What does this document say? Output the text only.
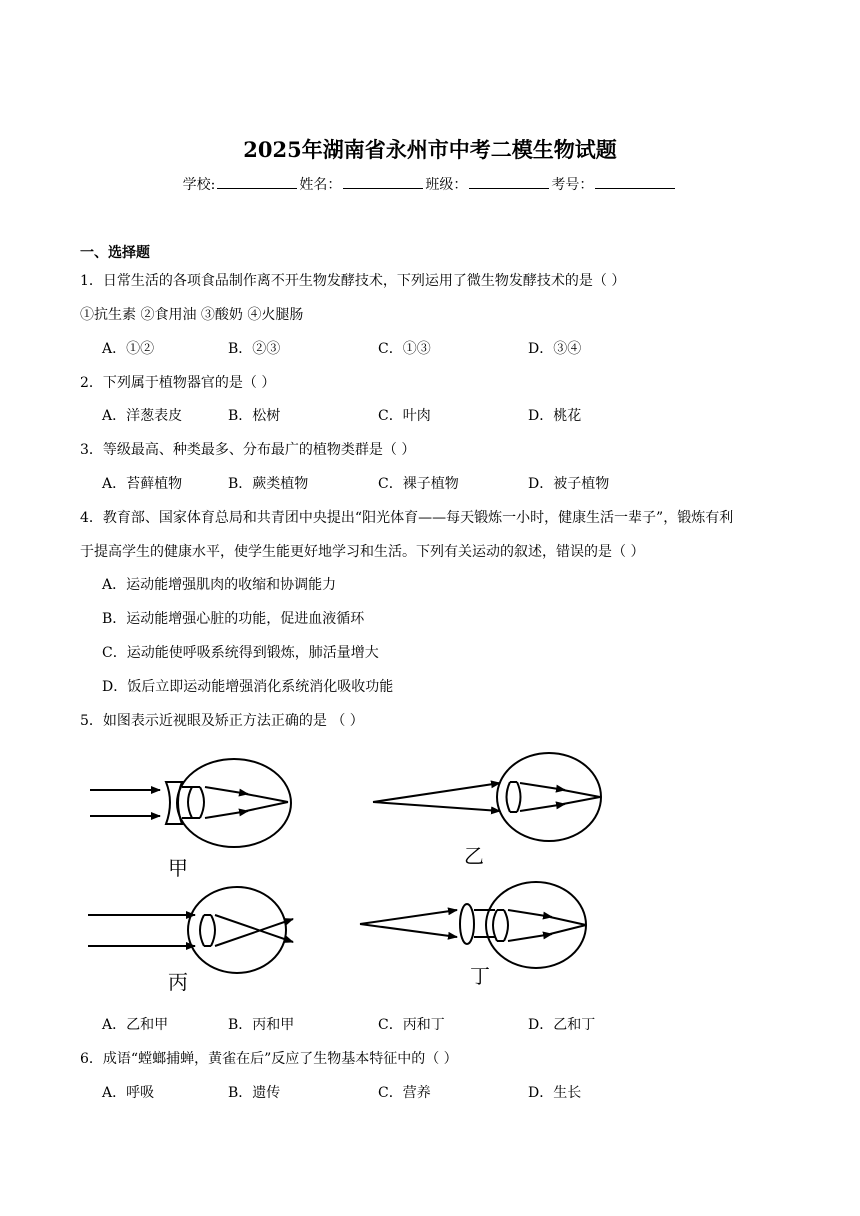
2025年湖南省永州市中考二模生物试题
学校:	姓名：	班级：	考号：
一、选择题
1．日常生活的各项食品制作离不开生物发酵技术，下列运用了微生物发酵技术的是（ ）
①抗生素 ②食用油 ③酸奶 ④火腿肠
A．①②	B．②③	C．①③	D．③④
2．下列属于植物器官的是（ ）
A．洋葱表皮	B．松树	C．叶肉	D．桃花
3．等级最高、种类最多、分布最广的植物类群是（ ）
A．苔藓植物	B．蕨类植物	C．裸子植物	D．被子植物
4．教育部、国家体育总局和共青团中央提出“阳光体育——每天锻炼一小时，健康生活一辈子”，锻炼有利
于提高学生的健康水平，使学生能更好地学习和生活。下列有关运动的叙述，错误的是（ ）
A．运动能增强肌肉的收缩和协调能力
B．运动能增强心脏的功能，促进血液循环
C．运动能使呼吸系统得到锻炼，肺活量增大
D．饭后立即运动能增强消化系统消化吸收功能
5．如图表示近视眼及矫正方法正确的是 （ ）
甲	乙
丙	丁
A．乙和甲	B．丙和甲	C．丙和丁	D．乙和丁
6．成语“螳螂捕蝉，黄雀在后”反应了生物基本特征中的（ ）
A．呼吸	B．遗传	C．营养	D．生长
